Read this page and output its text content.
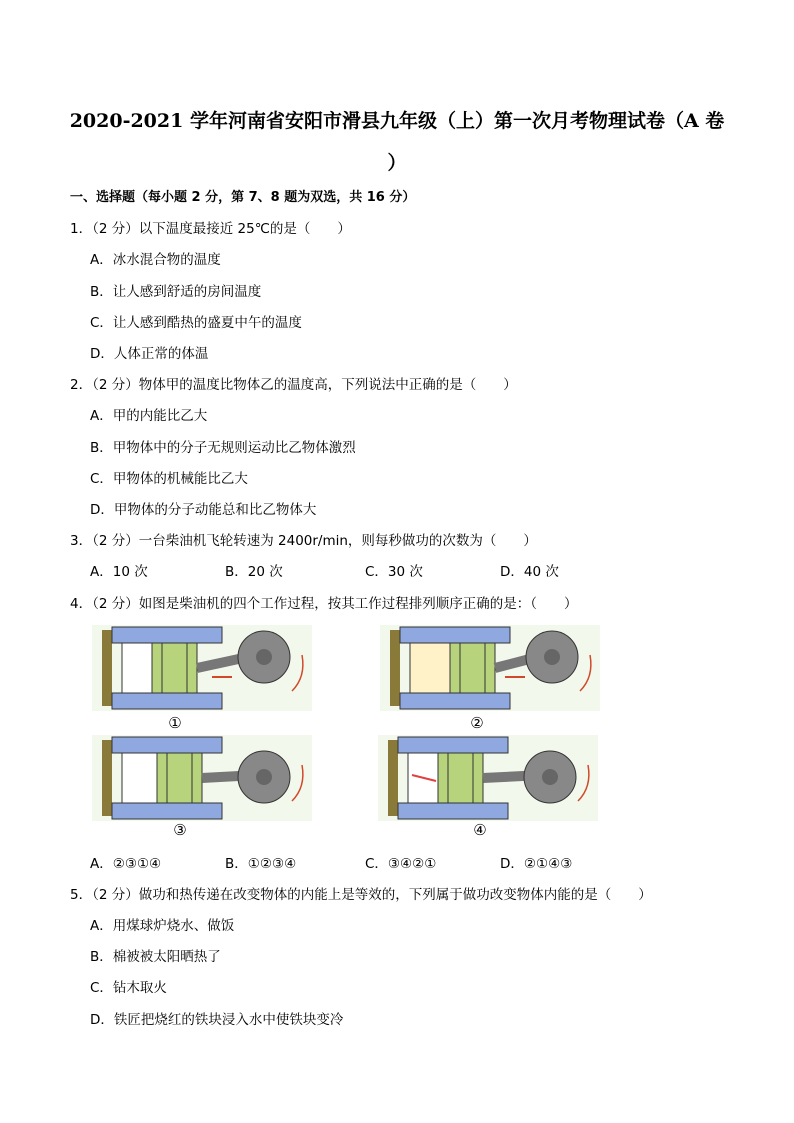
2020-2021 学年河南省安阳市滑县九年级（上）第一次月考物理试卷（A 卷
）
一、选择题（每小题 2 分，第 7、8 题为双选，共 16 分）
1．（2 分）以下温度最接近 25℃的是（　　）
A．冰水混合物的温度
B．让人感到舒适的房间温度
C．让人感到酷热的盛夏中午的温度
D．人体正常的体温
2．（2 分）物体甲的温度比物体乙的温度高，下列说法中正确的是（　　）
A．甲的内能比乙大
B．甲物体中的分子无规则运动比乙物体激烈
C．甲物体的机械能比乙大
D．甲物体的分子动能总和比乙物体大
3．（2 分）一台柴油机飞轮转速为 2400r/min，则每秒做功的次数为（　　）
A．10 次	B．20 次	C．30 次	D．40 次
4．（2 分）如图是柴油机的四个工作过程，按其工作过程排列顺序正确的是：（　　）
①	②
③	④
A．②③①④	B．①②③④	C．③④②①	D．②①④③
5．（2 分）做功和热传递在改变物体的内能上是等效的，下列属于做功改变物体内能的是（　　）
A．用煤球炉烧水、做饭
B．棉被被太阳晒热了
C．钻木取火
D．铁匠把烧红的铁块浸入水中使铁块变冷
